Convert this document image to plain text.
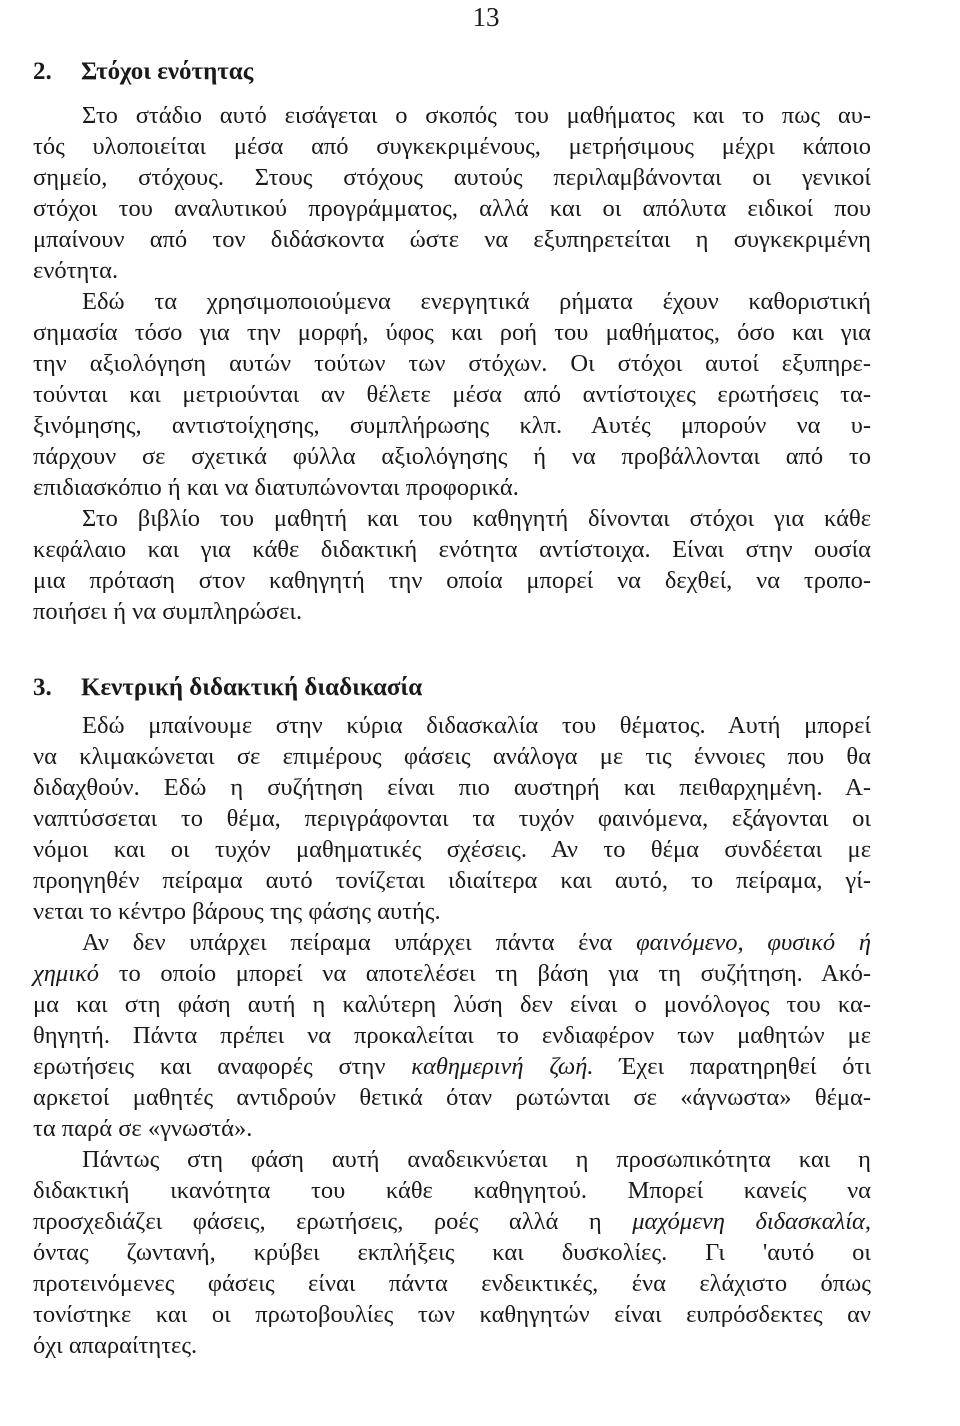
13
2. Στόχοι ενότητας
Στο στάδιο αυτό εισάγεται ο σκοπός του μαθήματος και το πως αυ-
τός υλοποιείται μέσα από συγκεκριμένους, μετρήσιμους μέχρι κάποιο
σημείο, στόχους. Στους στόχους αυτούς περιλαμβάνονται οι γενικοί
στόχοι του αναλυτικού προγράμματος, αλλά και οι απόλυτα ειδικοί που
μπαίνουν από τον διδάσκοντα ώστε να εξυπηρετείται η συγκεκριμένη
ενότητα.
Εδώ τα χρησιμοποιούμενα ενεργητικά ρήματα έχουν καθοριστική
σημασία τόσο για την μορφή, ύφος και ροή του μαθήματος, όσο και για
την αξιολόγηση αυτών τούτων των στόχων. Οι στόχοι αυτοί εξυπηρε-
τούνται και μετριούνται αν θέλετε μέσα από αντίστοιχες ερωτήσεις τα-
ξινόμησης, αντιστοίχησης, συμπλήρωσης κλπ. Αυτές μπορούν να υ-
πάρχουν σε σχετικά φύλλα αξιολόγησης ή να προβάλλονται από το
επιδιασκόπιο ή και να διατυπώνονται προφορικά.
Στο βιβλίο του μαθητή και του καθηγητή δίνονται στόχοι για κάθε
κεφάλαιο και για κάθε διδακτική ενότητα αντίστοιχα. Είναι στην ουσία
μια πρόταση στον καθηγητή την οποία μπορεί να δεχθεί, να τροπο-
ποιήσει ή να συμπληρώσει.
3. Κεντρική διδακτική διαδικασία
Εδώ μπαίνουμε στην κύρια διδασκαλία του θέματος. Αυτή μπορεί
να κλιμακώνεται σε επιμέρους φάσεις ανάλογα με τις έννοιες που θα
διδαχθούν. Εδώ η συζήτηση είναι πιο αυστηρή και πειθαρχημένη. Α-
ναπτύσσεται το θέμα, περιγράφονται τα τυχόν φαινόμενα, εξάγονται οι
νόμοι και οι τυχόν μαθηματικές σχέσεις. Αν το θέμα συνδέεται με
προηγηθέν πείραμα αυτό τονίζεται ιδιαίτερα και αυτό, το πείραμα, γί-
νεται το κέντρο βάρους της φάσης αυτής.
Αν δεν υπάρχει πείραμα υπάρχει πάντα ένα φαινόμενο, φυσικό ή
χημικό το οποίο μπορεί να αποτελέσει τη βάση για τη συζήτηση. Ακό-
μα και στη φάση αυτή η καλύτερη λύση δεν είναι ο μονόλογος του κα-
θηγητή. Πάντα πρέπει να προκαλείται το ενδιαφέρον των μαθητών με
ερωτήσεις και αναφορές στην καθημερινή ζωή. Έχει παρατηρηθεί ότι
αρκετοί μαθητές αντιδρούν θετικά όταν ρωτώνται σε «άγνωστα» θέμα-
τα παρά σε «γνωστά».
Πάντως στη φάση αυτή αναδεικνύεται η προσωπικότητα και η
διδακτική ικανότητα του κάθε καθηγητού. Μπορεί κανείς να
προσχεδιάζει φάσεις, ερωτήσεις, ροές αλλά η μαχόμενη διδασκαλία,
όντας ζωντανή, κρύβει εκπλήξεις και δυσκολίες. Γι 'αυτό οι
προτεινόμενες φάσεις είναι πάντα ενδεικτικές, ένα ελάχιστο όπως
τονίστηκε και οι πρωτοβουλίες των καθηγητών είναι ευπρόσδεκτες αν
όχι απαραίτητες.
